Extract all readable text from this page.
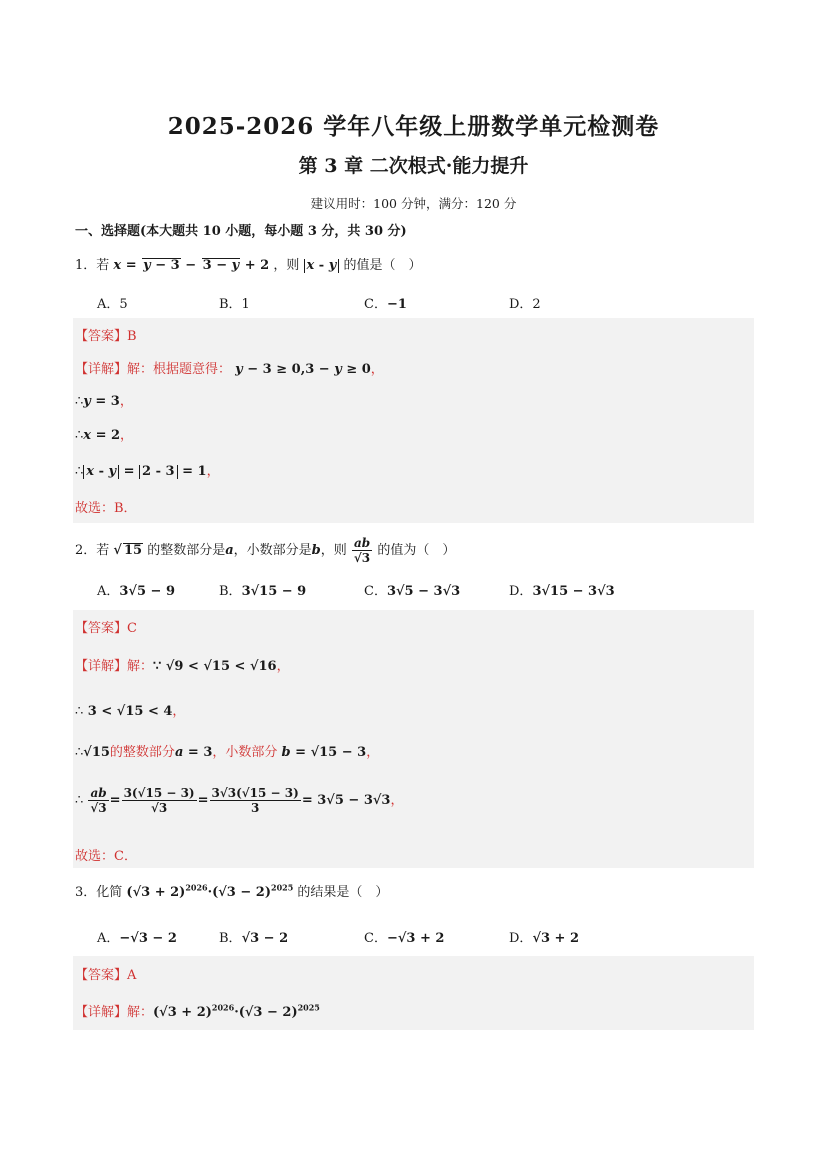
2025-2026 学年八年级上册数学单元检测卷
第 3 章 二次根式·能力提升
建议用时：100 分钟，满分：120 分
一、选择题(本大题共 10 小题，每小题 3 分，共 30 分)
1．若 x = y − 3 − 3 − y + 2 ，则 x - y 的值是（　）
A．5	B．1	C．−1	D．2
【答案】B
【详解】解：根据题意得： y − 3 ≥ 0,3 − y ≥ 0，
∴y = 3，
∴x = 2，
∴ x - y = 2 - 3 = 1，
故选：B．
2．若 √ 15 的整数部分是a，小数部分是b，则 $\frac{ab}{√3}$ 的值为（　）
A．3√5 − 9	B．3√15 − 9	C．3√5 − 3√3	D．3√15 − 3√3
【答案】C
【详解】解：∵ √9 < √15 < √16，
∴ 3 < √15 < 4，
∴√15的整数部分a = 3，小数部分 b = √15 − 3，
∴ $\frac{ab}{√3} = \frac{3(√15 - 3)}{√3} = \frac{3√3(√15 - 3)}{3} = 3√5 - 3√3$，
故选：C．
3．化简 $(√3 + 2)^{2026}\cdot(√3 - 2)^{2025}$ 的结果是（　）
A．−√3 − 2	B．√3 − 2	C．−√3 + 2	D．√3 + 2
【答案】A
【详解】解：$(√3 + 2)^{2026}\cdot(√3 - 2)^{2025}$
